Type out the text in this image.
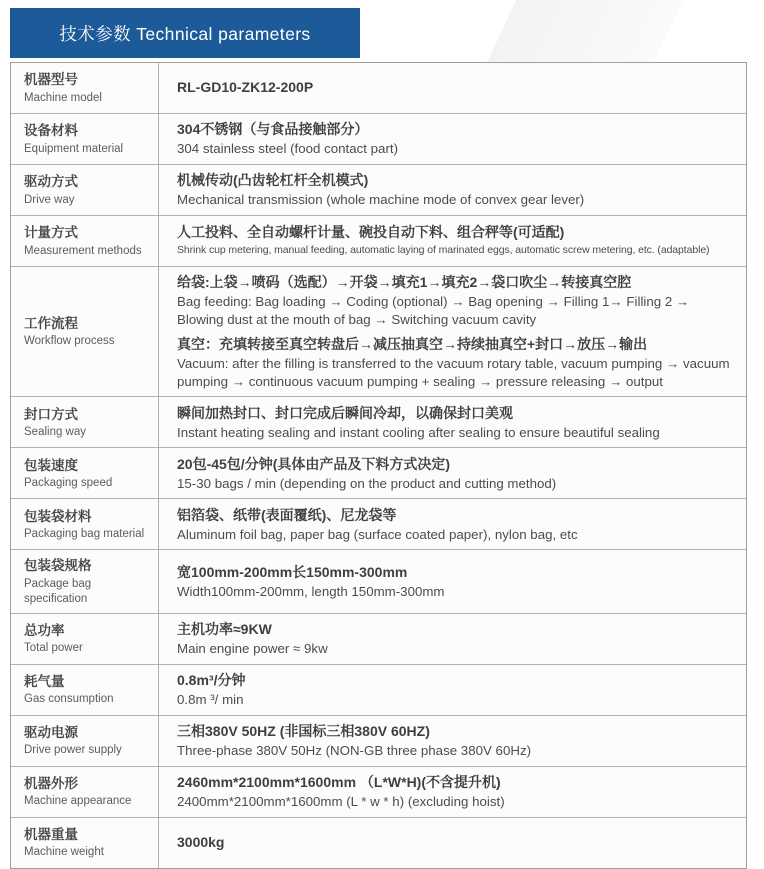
技术参数 Technical parameters
机器型号
Machine model
RL-GD10-ZK12-200P
设备材料
Equipment material
304不锈钢（与食品接触部分）
304 stainless steel (food contact part)
驱动方式
Drive way
机械传动(凸齿轮杠杆全机模式)
Mechanical transmission (whole machine mode of convex gear lever)
计量方式
Measurement methods
人工投料、全自动螺杆计量、碗投自动下料、组合秤等(可适配)
Shrink cup metering, manual feeding, automatic laying of marinated eggs, automatic screw metering, etc. (adaptable)
工作流程
Workflow process
给袋:上袋→喷码（选配）→开袋→填充1→填充2→袋口吹尘→转接真空腔
Bag feeding: Bag loading → Coding (optional) → Bag opening → Filling 1→ Filling 2 → Blowing dust at the mouth of bag → Switching vacuum cavity
真空：充填转接至真空转盘后→减压抽真空→持续抽真空+封口→放压→输出
Vacuum: after the filling is transferred to the vacuum rotary table, vacuum pumping → vacuum pumping → continuous vacuum pumping + sealing → pressure releasing → output
封口方式
Sealing way
瞬间加热封口、封口完成后瞬间冷却，以确保封口美观
Instant heating sealing and instant cooling after sealing to ensure beautiful sealing
包装速度
Packaging speed
20包-45包/分钟(具体由产品及下料方式决定)
15-30 bags / min (depending on the product and cutting method)
包装袋材料
Packaging bag material
铝箔袋、纸带(表面覆纸)、尼龙袋等
Aluminum foil bag, paper bag (surface coated paper), nylon bag, etc
包装袋规格
Package bag specification
宽100mm-200mm长150mm-300mm
Width100mm-200mm, length 150mm-300mm
总功率
Total power
主机功率≈9KW
Main engine power ≈ 9kw
耗气量
Gas consumption
0.8m³/分钟
0.8m ³/ min
驱动电源
Drive power supply
三相380V 50HZ (非国标三相380V 60HZ)
Three-phase 380V 50Hz (NON-GB three phase 380V 60Hz)
机器外形
Machine appearance
2460mm*2100mm*1600mm （L*W*H)(不含提升机)
2400mm*2100mm*1600mm (L * w * h) (excluding hoist)
机器重量
Machine weight
3000kg
